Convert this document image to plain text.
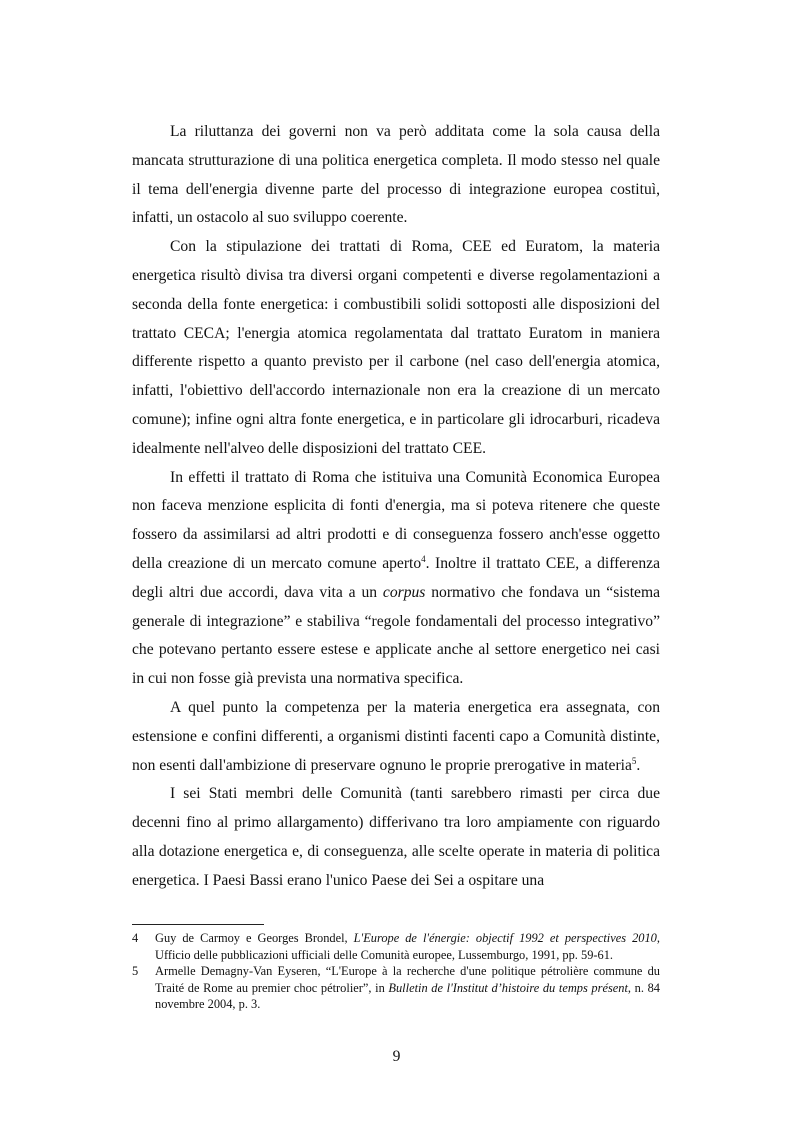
La riluttanza dei governi non va però additata come la sola causa della mancata strutturazione di una politica energetica completa. Il modo stesso nel quale il tema dell'energia divenne parte del processo di integrazione europea costituì, infatti, un ostacolo al suo sviluppo coerente.

Con la stipulazione dei trattati di Roma, CEE ed Euratom, la materia energetica risultò divisa tra diversi organi competenti e diverse regolamentazioni a seconda della fonte energetica: i combustibili solidi sottoposti alle disposizioni del trattato CECA; l'energia atomica regolamentata dal trattato Euratom in maniera differente rispetto a quanto previsto per il carbone (nel caso dell'energia atomica, infatti, l'obiettivo dell'accordo internazionale non era la creazione di un mercato comune); infine ogni altra fonte energetica, e in particolare gli idrocarburi, ricadeva idealmente nell'alveo delle disposizioni del trattato CEE.

In effetti il trattato di Roma che istituiva una Comunità Economica Europea non faceva menzione esplicita di fonti d'energia, ma si poteva ritenere che queste fossero da assimilarsi ad altri prodotti e di conseguenza fossero anch'esse oggetto della creazione di un mercato comune aperto$^4$. Inoltre il trattato CEE, a differenza degli altri due accordi, dava vita a un corpus normativo che fondava un “sistema generale di integrazione” e stabiliva “regole fondamentali del processo integrativo” che potevano pertanto essere estese e applicate anche al settore energetico nei casi in cui non fosse già prevista una normativa specifica.

A quel punto la competenza per la materia energetica era assegnata, con estensione e confini differenti, a organismi distinti facenti capo a Comunità distinte, non esenti dall'ambizione di preservare ognuno le proprie prerogative in materia$^5$.

I sei Stati membri delle Comunità (tanti sarebbero rimasti per circa due decenni fino al primo allargamento) differivano tra loro ampiamente con riguardo alla dotazione energetica e, di conseguenza, alle scelte operate in materia di politica energetica. I Paesi Bassi erano l'unico Paese dei Sei a ospitare una

4 Guy de Carmoy e Georges Brondel, L'Europe de l'énergie: objectif 1992 et perspectives 2010, Ufficio delle pubblicazioni ufficiali delle Comunità europee, Lussemburgo, 1991, pp. 59-61.

5 Armelle Demagny-Van Eyseren, “L'Europe à la recherche d'une politique pétrolière commune du Traité de Rome au premier choc pétrolier”, in Bulletin de l'Institut d’histoire du temps présent, n. 84 novembre 2004, p. 3.

9
